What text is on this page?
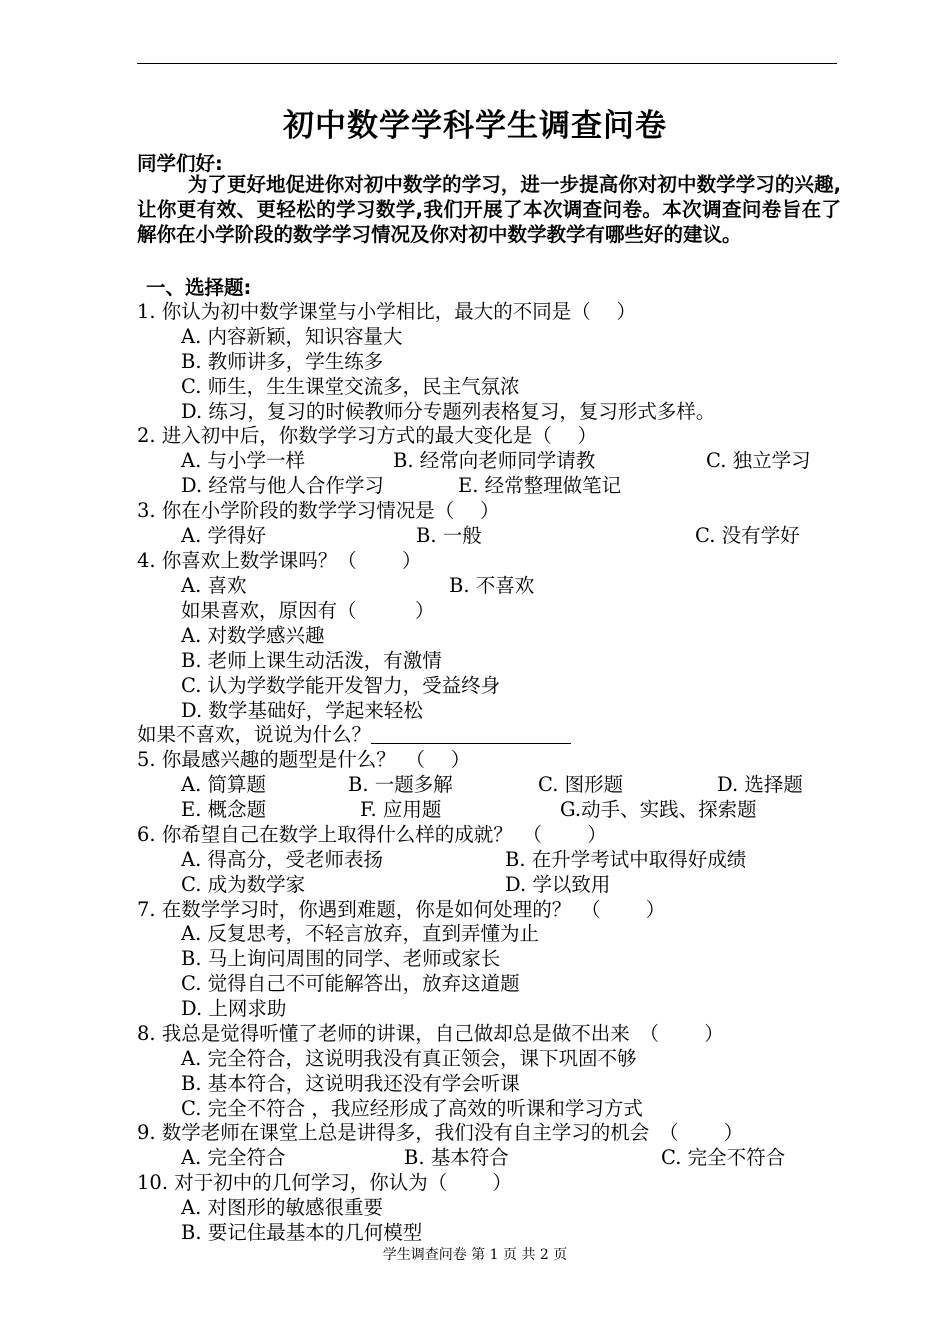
初中数学学科学生调查问卷
同学们好:
为了更好地促进你对初中数学的学习，进一步提高你对初中数学学习的兴趣,让你更有效、更轻松的学习数学,我们开展了本次调查问卷。本次调查问卷旨在了解你在小学阶段的数学学习情况及你对初中数学教学有哪些好的建议。
一、选择题:
1. 你认为初中数学课堂与小学相比，最大的不同是（　 ）
A. 内容新颖，知识容量大
B. 教师讲多，学生练多
C. 师生，生生课堂交流多，民主气氛浓
D. 练习，复习的时候教师分专题列表格复习，复习形式多样。
2. 进入初中后，你数学学习方式的最大变化是（　 ）
A. 与小学一样	B. 经常向老师同学请教	C. 独立学习
D. 经常与他人合作学习	E. 经常整理做笔记
3. 你在小学阶段的数学学习情况是（　 ）
A. 学得好	B. 一般	C. 没有学好
4. 你喜欢上数学课吗？（　　 ）
A. 喜欢	B. 不喜欢
如果喜欢，原因有（　　　）
A. 对数学感兴趣
B. 老师上课生动活泼，有激情
C. 认为学数学能开发智力，受益终身
D. 数学基础好，学起来轻松
如果不喜欢，说说为什么？
5. 你最感兴趣的题型是什么？　（　 ）
A. 简算题	B. 一题多解	C. 图形题	D. 选择题
E. 概念题	F. 应用题	G.动手、实践、探索题
6. 你希望自己在数学上取得什么样的成就？　（　　 ）
A. 得高分，受老师表扬	B. 在升学考试中取得好成绩
C. 成为数学家	D. 学以致用
7. 在数学学习时，你遇到难题，你是如何处理的？　（　　 ）
A. 反复思考，不轻言放弃，直到弄懂为止
B. 马上询问周围的同学、老师或家长
C. 觉得自己不可能解答出，放弃这道题
D. 上网求助
8. 我总是觉得听懂了老师的讲课，自己做却总是做不出来　（　　 ）
A. 完全符合，这说明我没有真正领会，课下巩固不够
B. 基本符合，这说明我还没有学会听课
C. 完全不符合 ，我应经形成了高效的听课和学习方式
9. 数学老师在课堂上总是讲得多，我们没有自主学习的机会　（　　 ）
A. 完全符合	B. 基本符合	C. 完全不符合
10. 对于初中的几何学习，你认为（　　 ）
A. 对图形的敏感很重要
B. 要记住最基本的几何模型
学生调查问卷 第 1 页 共 2 页
